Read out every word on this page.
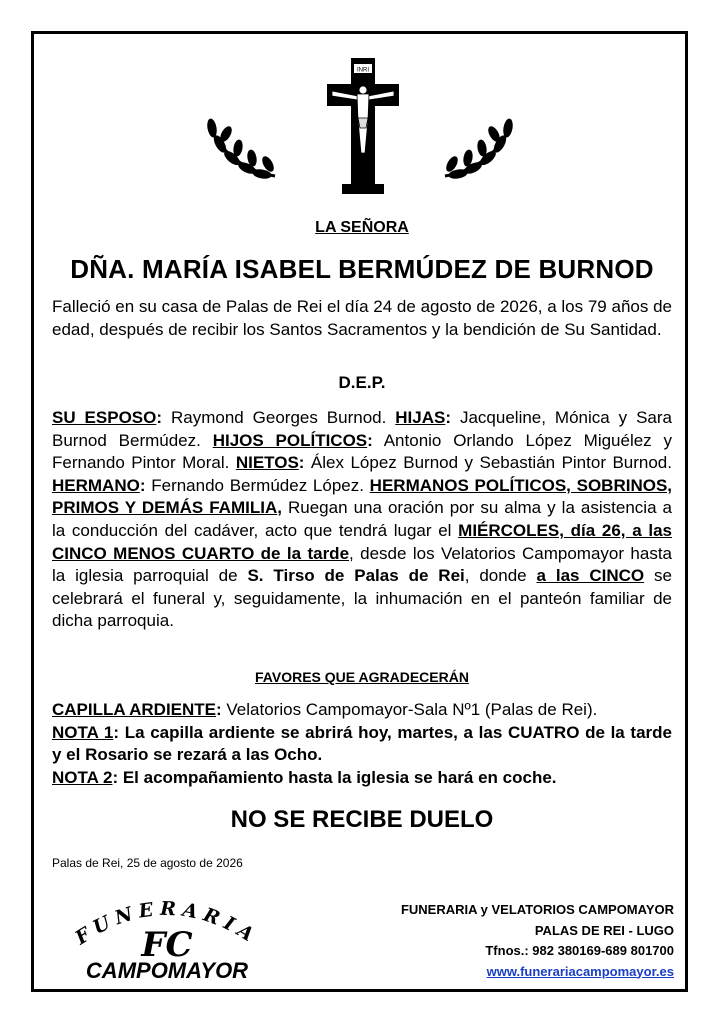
INRI
LA SEÑORA
DÑA. MARÍA ISABEL BERMÚDEZ DE BURNOD
Falleció en su casa de Palas de Rei el día 24 de agosto de 2026, a los 79 años de edad, después de recibir los Santos Sacramentos y la bendición de Su Santidad.
D.E.P.
SU ESPOSO: Raymond Georges Burnod. HIJAS: Jacqueline, Mónica y Sara Burnod Bermúdez. HIJOS POLÍTICOS: Antonio Orlando López Miguélez y Fernando Pintor Moral. NIETOS: Álex López Burnod y Sebastián Pintor Burnod. HERMANO: Fernando Bermúdez López. HERMANOS POLÍTICOS, SOBRINOS, PRIMOS Y DEMÁS FAMILIA, Ruegan una oración por su alma y la asistencia a la conducción del cadáver, acto que tendrá lugar el MIÉRCOLES, día 26, a las CINCO MENOS CUARTO de la tarde, desde los Velatorios Campomayor hasta la iglesia parroquial de S. Tirso de Palas de Rei, donde a las CINCO se celebrará el funeral y, seguidamente, la inhumación en el panteón familiar de dicha parroquia.
FAVORES QUE AGRADECERÁN
CAPILLA ARDIENTE: Velatorios Campomayor-Sala Nº1 (Palas de Rei).
NOTA 1: La capilla ardiente se abrirá hoy, martes, a las CUATRO de la tarde y el Rosario se rezará a las Ocho.
NOTA 2: El acompañamiento hasta la iglesia se hará en coche.
NO SE RECIBE DUELO
Palas de Rei, 25 de agosto de 2026
FUNERARIA
FC
CAMPOMAYOR
FUNERARIA y VELATORIOS CAMPOMAYOR
PALAS DE REI - LUGO
Tfnos.: 982 380169-689 801700
www.funerariacampomayor.es
